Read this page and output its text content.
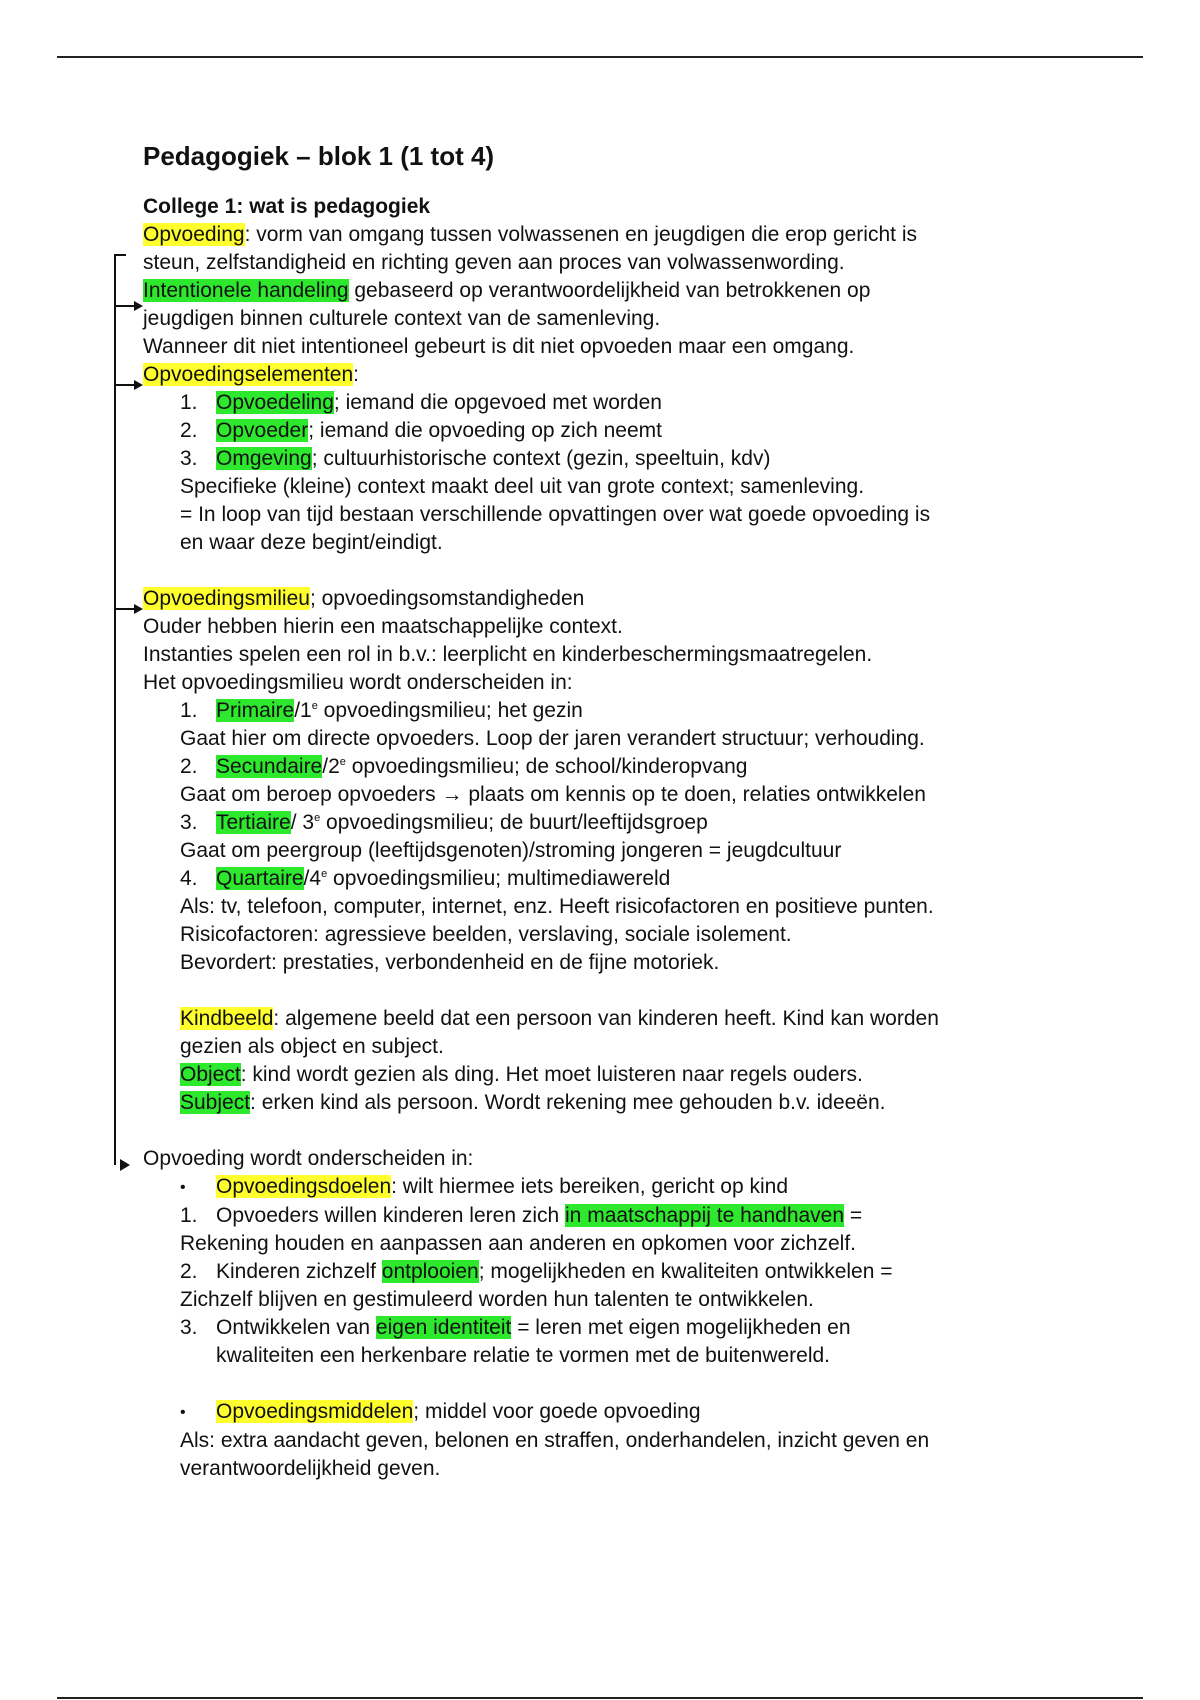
Pedagogiek – blok 1 (1 tot 4)
College 1: wat is pedagogiek
Opvoeding: vorm van omgang tussen volwassenen en jeugdigen die erop gericht is
steun, zelfstandigheid en richting geven aan proces van volwassenwording.
Intentionele handeling gebaseerd op verantwoordelijkheid van betrokkenen op
jeugdigen binnen culturele context van de samenleving.
Wanneer dit niet intentioneel gebeurt is dit niet opvoeden maar een omgang.
Opvoedingselementen:
1. Opvoedeling; iemand die opgevoed met worden
2. Opvoeder; iemand die opvoeding op zich neemt
3. Omgeving; cultuurhistorische context (gezin, speeltuin, kdv)
Specifieke (kleine) context maakt deel uit van grote context; samenleving.
= In loop van tijd bestaan verschillende opvattingen over wat goede opvoeding is
en waar deze begint/eindigt.
Opvoedingsmilieu; opvoedingsomstandigheden
Ouder hebben hierin een maatschappelijke context.
Instanties spelen een rol in b.v.: leerplicht en kinderbeschermingsmaatregelen.
Het opvoedingsmilieu wordt onderscheiden in:
1. Primaire/1e opvoedingsmilieu; het gezin
Gaat hier om directe opvoeders. Loop der jaren verandert structuur; verhouding.
2. Secundaire/2e opvoedingsmilieu; de school/kinderopvang
Gaat om beroep opvoeders → plaats om kennis op te doen, relaties ontwikkelen
3. Tertiaire/ 3e opvoedingsmilieu; de buurt/leeftijdsgroep
Gaat om peergroup (leeftijdsgenoten)/stroming jongeren = jeugdcultuur
4. Quartaire/4e opvoedingsmilieu; multimediawereld
Als: tv, telefoon, computer, internet, enz. Heeft risicofactoren en positieve punten.
Risicofactoren: agressieve beelden, verslaving, sociale isolement.
Bevordert: prestaties, verbondenheid en de fijne motoriek.
Kindbeeld: algemene beeld dat een persoon van kinderen heeft. Kind kan worden
gezien als object en subject.
Object: kind wordt gezien als ding. Het moet luisteren naar regels ouders.
Subject: erken kind als persoon. Wordt rekening mee gehouden b.v. ideeën.
Opvoeding wordt onderscheiden in:
• Opvoedingsdoelen: wilt hiermee iets bereiken, gericht op kind
1. Opvoeders willen kinderen leren zich in maatschappij te handhaven =
Rekening houden en aanpassen aan anderen en opkomen voor zichzelf.
2. Kinderen zichzelf ontplooien; mogelijkheden en kwaliteiten ontwikkelen =
Zichzelf blijven en gestimuleerd worden hun talenten te ontwikkelen.
3. Ontwikkelen van eigen identiteit = leren met eigen mogelijkheden en
kwaliteiten een herkenbare relatie te vormen met de buitenwereld.
• Opvoedingsmiddelen; middel voor goede opvoeding
Als: extra aandacht geven, belonen en straffen, onderhandelen, inzicht geven en
verantwoordelijkheid geven.
